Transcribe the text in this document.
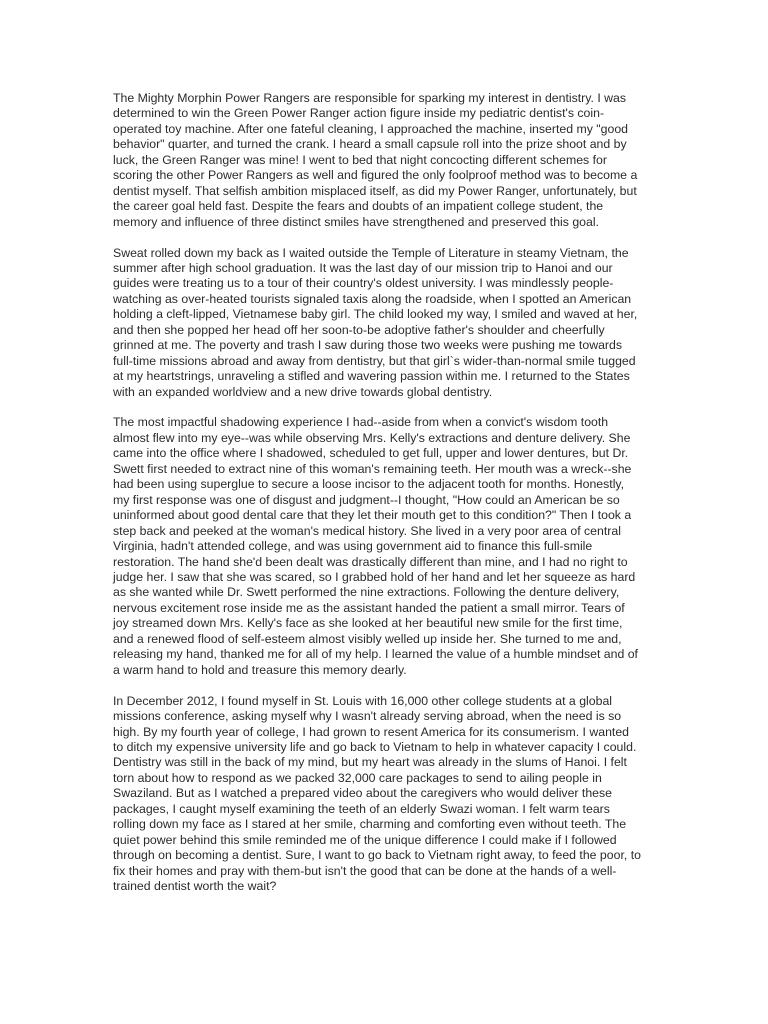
The Mighty Morphin Power Rangers are responsible for sparking my interest in dentistry. I was
determined to win the Green Power Ranger action figure inside my pediatric dentist's coin-
operated toy machine. After one fateful cleaning, I approached the machine, inserted my "good
behavior" quarter, and turned the crank. I heard a small capsule roll into the prize shoot and by
luck, the Green Ranger was mine! I went to bed that night concocting different schemes for
scoring the other Power Rangers as well and figured the only foolproof method was to become a
dentist myself. That selfish ambition misplaced itself, as did my Power Ranger, unfortunately, but
the career goal held fast. Despite the fears and doubts of an impatient college student, the
memory and influence of three distinct smiles have strengthened and preserved this goal.

Sweat rolled down my back as I waited outside the Temple of Literature in steamy Vietnam, the
summer after high school graduation. It was the last day of our mission trip to Hanoi and our
guides were treating us to a tour of their country's oldest university. I was mindlessly people-
watching as over-heated tourists signaled taxis along the roadside, when I spotted an American
holding a cleft-lipped, Vietnamese baby girl. The child looked my way, I smiled and waved at her,
and then she popped her head off her soon-to-be adoptive father's shoulder and cheerfully
grinned at me. The poverty and trash I saw during those two weeks were pushing me towards
full-time missions abroad and away from dentistry, but that girl`s wider-than-normal smile tugged
at my heartstrings, unraveling a stifled and wavering passion within me. I returned to the States
with an expanded worldview and a new drive towards global dentistry.

The most impactful shadowing experience I had--aside from when a convict's wisdom tooth
almost flew into my eye--was while observing Mrs. Kelly's extractions and denture delivery. She
came into the office where I shadowed, scheduled to get full, upper and lower dentures, but Dr.
Swett first needed to extract nine of this woman's remaining teeth. Her mouth was a wreck--she
had been using superglue to secure a loose incisor to the adjacent tooth for months. Honestly,
my first response was one of disgust and judgment--I thought, "How could an American be so
uninformed about good dental care that they let their mouth get to this condition?" Then I took a
step back and peeked at the woman's medical history. She lived in a very poor area of central
Virginia, hadn't attended college, and was using government aid to finance this full-smile
restoration. The hand she'd been dealt was drastically different than mine, and I had no right to
judge her. I saw that she was scared, so I grabbed hold of her hand and let her squeeze as hard
as she wanted while Dr. Swett performed the nine extractions. Following the denture delivery,
nervous excitement rose inside me as the assistant handed the patient a small mirror. Tears of
joy streamed down Mrs. Kelly's face as she looked at her beautiful new smile for the first time,
and a renewed flood of self-esteem almost visibly welled up inside her. She turned to me and,
releasing my hand, thanked me for all of my help. I learned the value of a humble mindset and of
a warm hand to hold and treasure this memory dearly.

In December 2012, I found myself in St. Louis with 16,000 other college students at a global
missions conference, asking myself why I wasn't already serving abroad, when the need is so
high. By my fourth year of college, I had grown to resent America for its consumerism. I wanted
to ditch my expensive university life and go back to Vietnam to help in whatever capacity I could.
Dentistry was still in the back of my mind, but my heart was already in the slums of Hanoi. I felt
torn about how to respond as we packed 32,000 care packages to send to ailing people in
Swaziland. But as I watched a prepared video about the caregivers who would deliver these
packages, I caught myself examining the teeth of an elderly Swazi woman. I felt warm tears
rolling down my face as I stared at her smile, charming and comforting even without teeth. The
quiet power behind this smile reminded me of the unique difference I could make if I followed
through on becoming a dentist. Sure, I want to go back to Vietnam right away, to feed the poor, to
fix their homes and pray with them-but isn't the good that can be done at the hands of a well-
trained dentist worth the wait?
